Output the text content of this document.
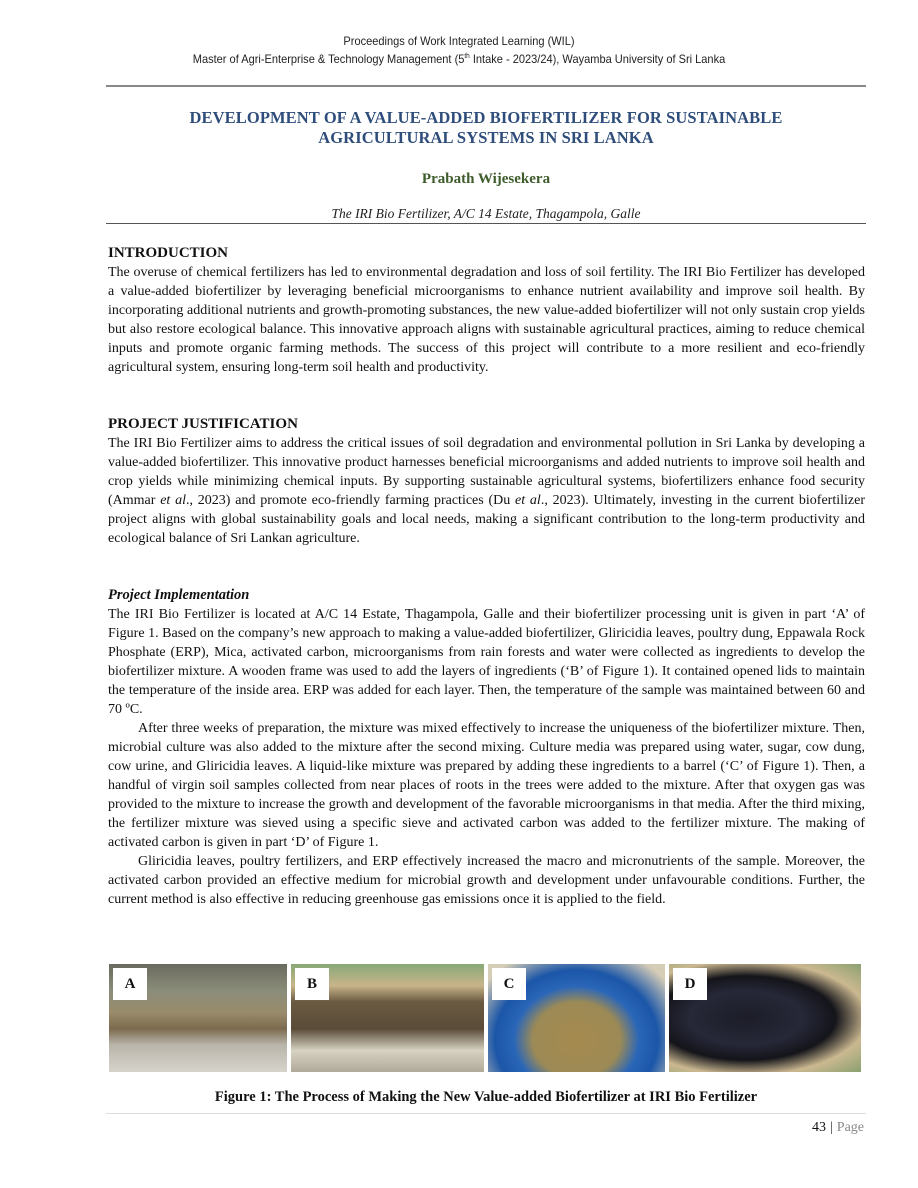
Proceedings of Work Integrated Learning (WIL)
Master of Agri-Enterprise & Technology Management (5th Intake - 2023/24), Wayamba University of Sri Lanka
DEVELOPMENT OF A VALUE-ADDED BIOFERTILIZER FOR SUSTAINABLE
AGRICULTURAL SYSTEMS IN SRI LANKA
Prabath Wijesekera
The IRI Bio Fertilizer, A/C 14 Estate, Thagampola, Galle
INTRODUCTION

The overuse of chemical fertilizers has led to environmental degradation and loss of soil fertility. The IRI Bio Fertilizer has developed a value-added biofertilizer by leveraging beneficial microorganisms to enhance nutrient availability and improve soil health. By incorporating additional nutrients and growth-promoting substances, the new value-added biofertilizer will not only sustain crop yields but also restore ecological balance. This innovative approach aligns with sustainable agricultural practices, aiming to reduce chemical inputs and promote organic farming methods. The success of this project will contribute to a more resilient and eco-friendly agricultural system, ensuring long-term soil health and productivity.

PROJECT JUSTIFICATION

The IRI Bio Fertilizer aims to address the critical issues of soil degradation and environmental pollution in Sri Lanka by developing a value-added biofertilizer. This innovative product harnesses beneficial microorganisms and added nutrients to improve soil health and crop yields while minimizing chemical inputs. By supporting sustainable agricultural systems, biofertilizers enhance food security (Ammar et al., 2023) and promote eco-friendly farming practices (Du et al., 2023). Ultimately, investing in the current biofertilizer project aligns with global sustainability goals and local needs, making a significant contribution to the long-term productivity and ecological balance of Sri Lankan agriculture.

Project Implementation

The IRI Bio Fertilizer is located at A/C 14 Estate, Thagampola, Galle and their biofertilizer processing unit is given in part ‘A’ of Figure 1. Based on the company’s new approach to making a value-added biofertilizer, Gliricidia leaves, poultry dung, Eppawala Rock Phosphate (ERP), Mica, activated carbon, microorganisms from rain forests and water were collected as ingredients to develop the biofertilizer mixture. A wooden frame was used to add the layers of ingredients (‘B’ of Figure 1). It contained opened lids to maintain the temperature of the inside area. ERP was added for each layer. Then, the temperature of the sample was maintained between 60 and 70 ºC.

After three weeks of preparation, the mixture was mixed effectively to increase the uniqueness of the biofertilizer mixture. Then, microbial culture was also added to the mixture after the second mixing. Culture media was prepared using water, sugar, cow dung, cow urine, and Gliricidia leaves. A liquid-like mixture was prepared by adding these ingredients to a barrel (‘C’ of Figure 1). Then, a handful of virgin soil samples collected from near places of roots in the trees were added to the mixture. After that oxygen gas was provided to the mixture to increase the growth and development of the favorable microorganisms in that media. After the third mixing, the fertilizer mixture was sieved using a specific sieve and activated carbon was added to the fertilizer mixture. The making of activated carbon is given in part ‘D’ of Figure 1.

Gliricidia leaves, poultry fertilizers, and ERP effectively increased the macro and micronutrients of the sample. Moreover, the activated carbon provided an effective medium for microbial growth and development under unfavourable conditions. Further, the current method is also effective in reducing greenhouse gas emissions once it is applied to the field.

A	B	C	D
Figure 1: The Process of Making the New Value-added Biofertilizer at IRI Bio Fertilizer
43 | Page
